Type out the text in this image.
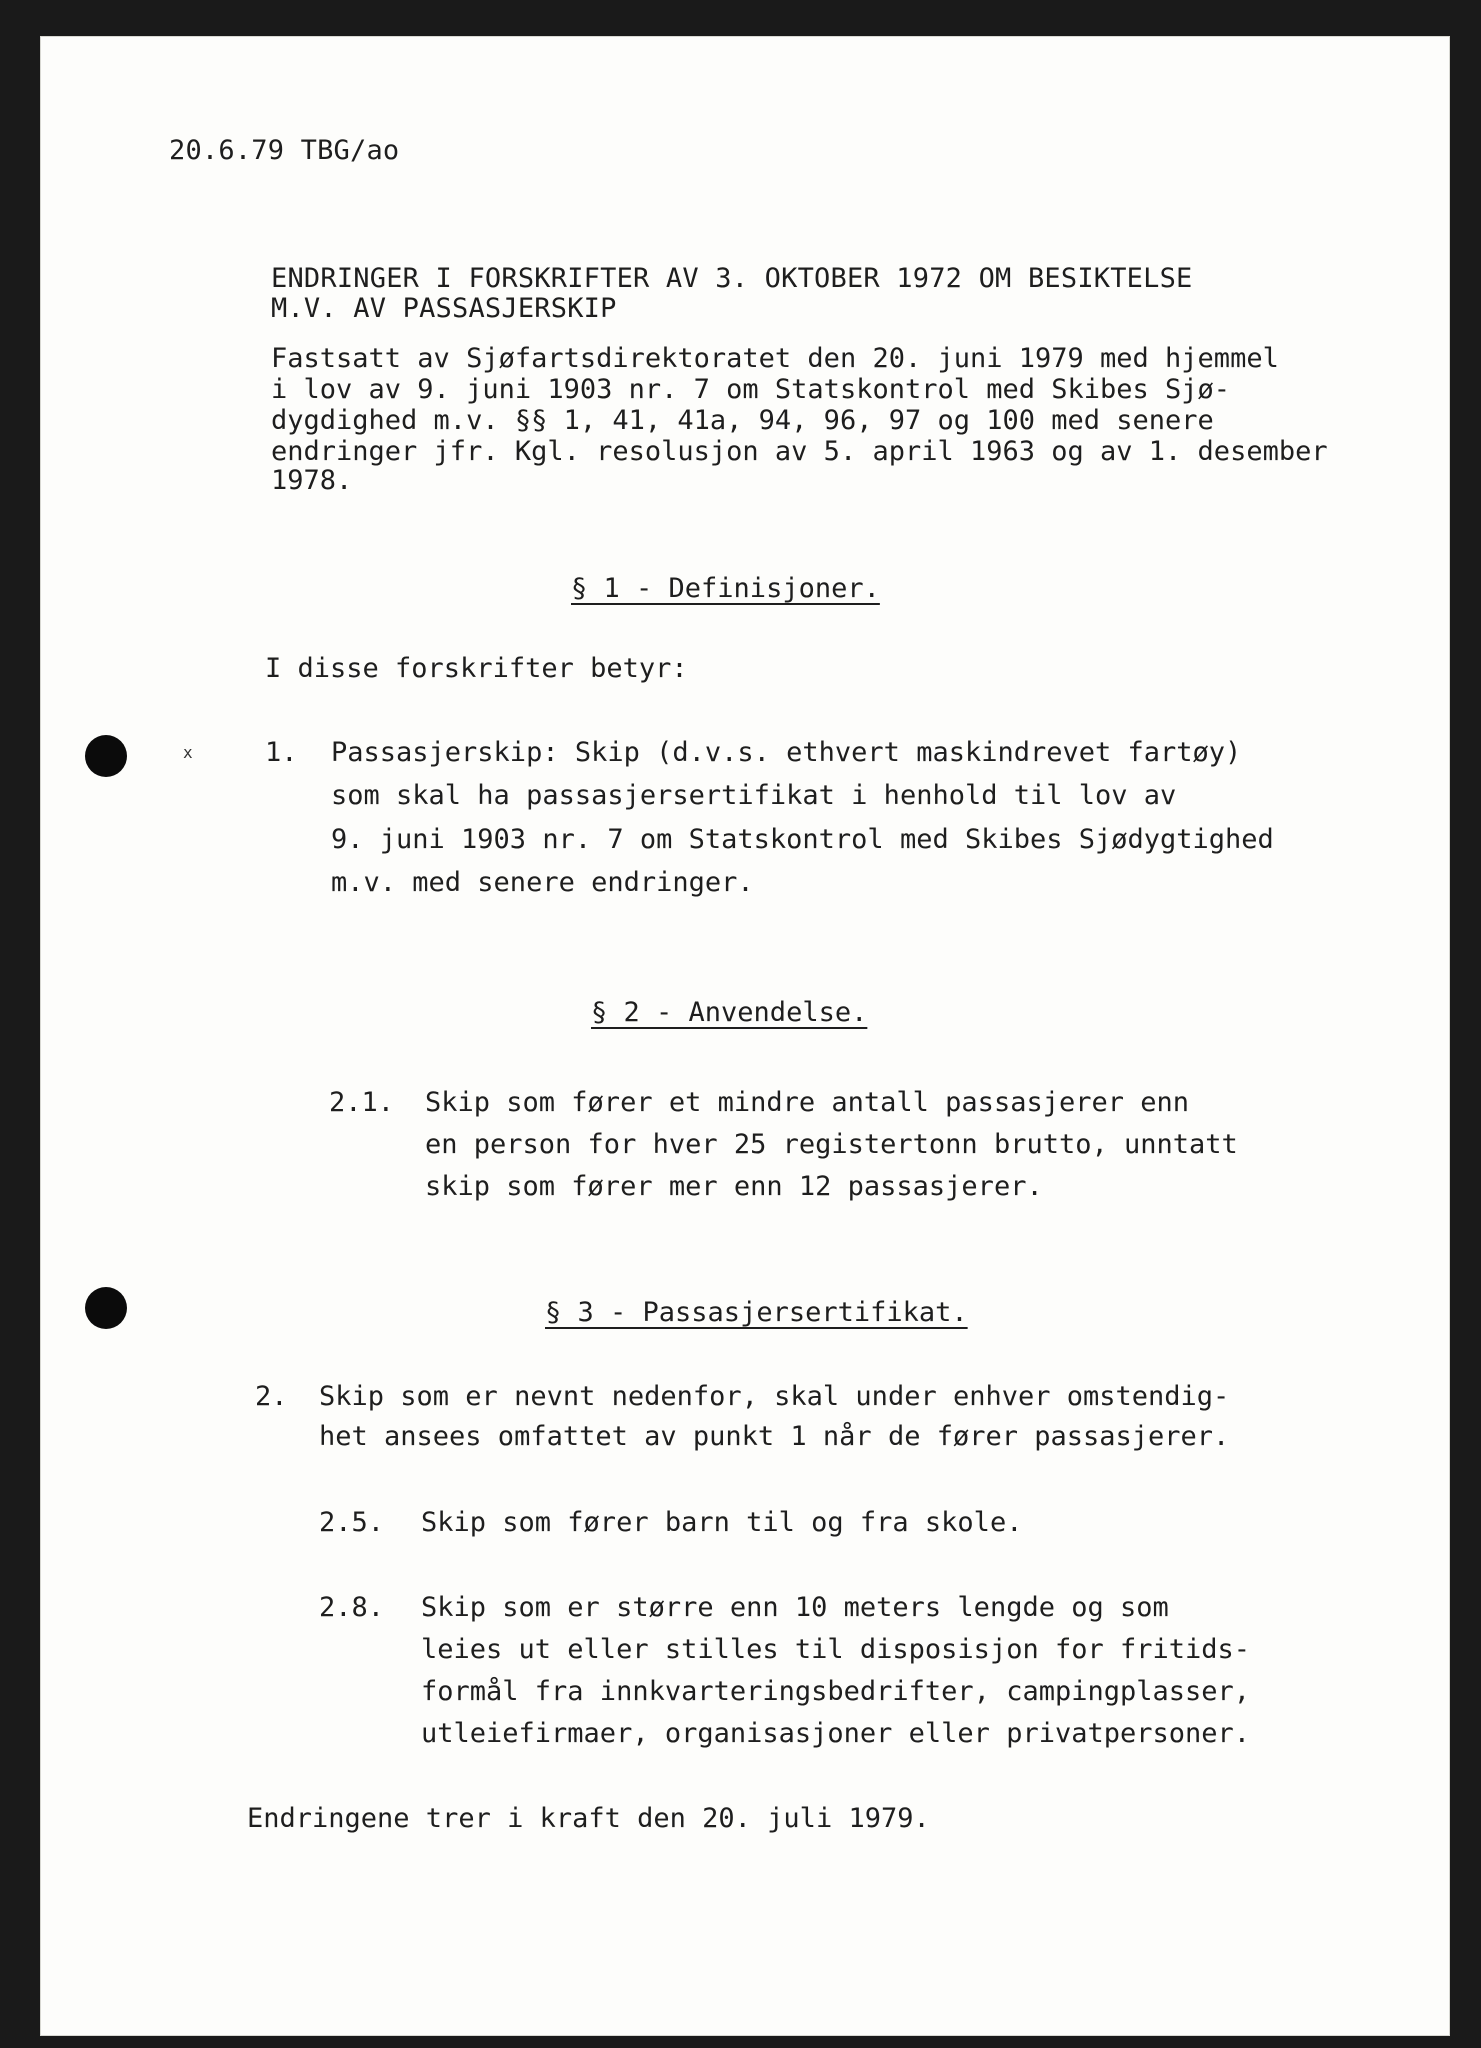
20.6.79 TBG/ao
ENDRINGER I FORSKRIFTER AV 3. OKTOBER 1972 OM BESIKTELSE
M.V. AV PASSASJERSKIP
Fastsatt av Sjøfartsdirektoratet den 20. juni 1979 med hjemmel
i lov av 9. juni 1903 nr. 7 om Statskontrol med Skibes Sjø-
dygdighed m.v. §§ 1, 41, 41a, 94, 96, 97 og 100 med senere
endringer jfr. Kgl. resolusjon av 5. april 1963 og av 1. desember
1978.
§ 1 - Definisjoner.
I disse forskrifter betyr:
x	1. Passasjerskip: Skip (d.v.s. ethvert maskindrevet fartøy)
som skal ha passasjersertifikat i henhold til lov av
9. juni 1903 nr. 7 om Statskontrol med Skibes Sjødygtighed
m.v. med senere endringer.
§ 2 - Anvendelse.
2.1. Skip som fører et mindre antall passasjerer enn
en person for hver 25 registertonn brutto, unntatt
skip som fører mer enn 12 passasjerer.
§ 3 - Passasjersertifikat.
2. Skip som er nevnt nedenfor, skal under enhver omstendig-
het ansees omfattet av punkt 1 når de fører passasjerer.
2.5. Skip som fører barn til og fra skole.
2.8. Skip som er større enn 10 meters lengde og som
leies ut eller stilles til disposisjon for fritids-
formål fra innkvarteringsbedrifter, campingplasser,
utleiefirmaer, organisasjoner eller privatpersoner.
Endringene trer i kraft den 20. juli 1979.
